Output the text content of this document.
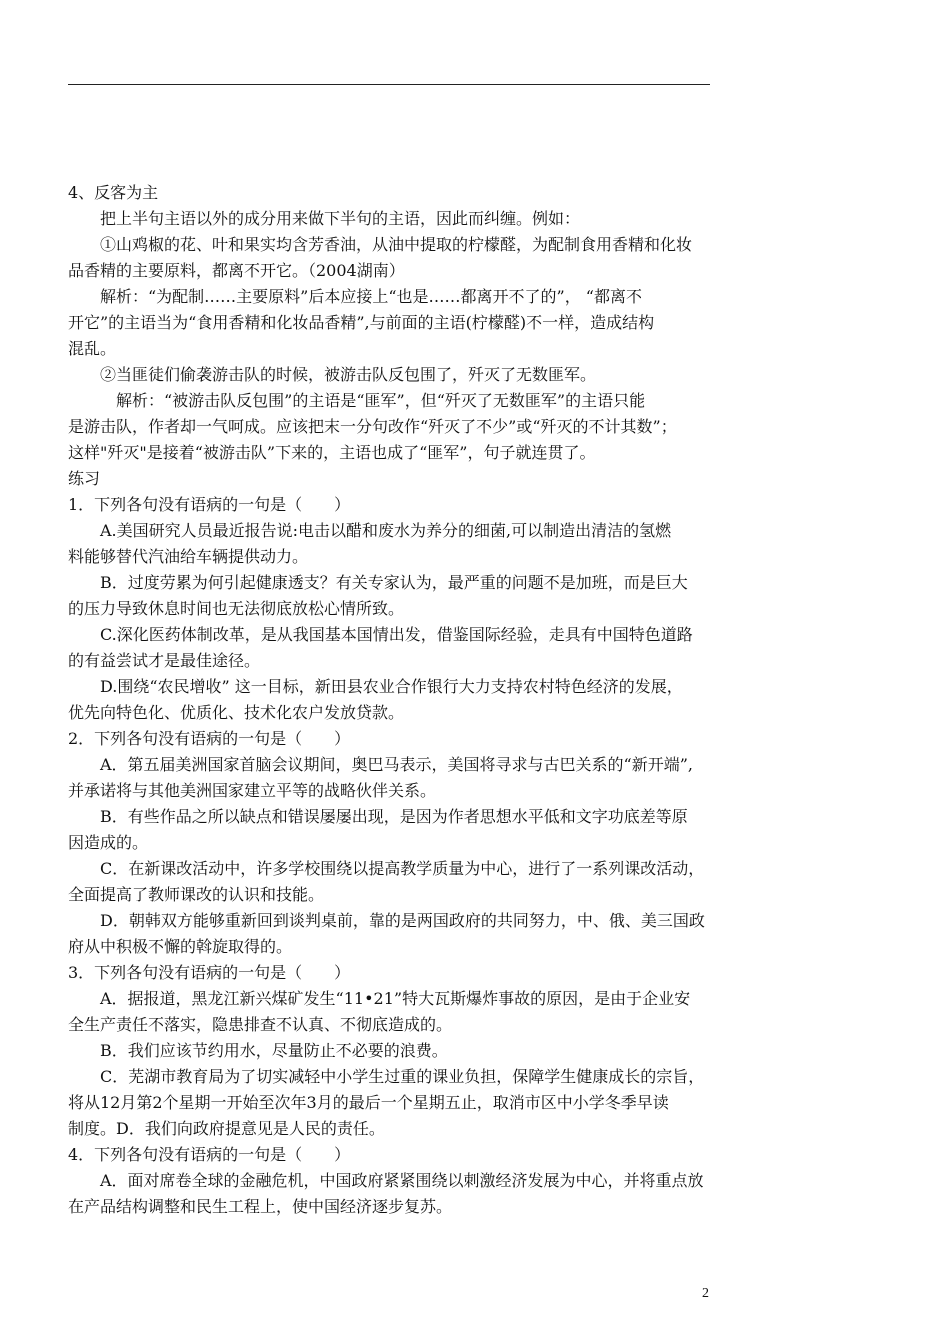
4、反客为主
把上半句主语以外的成分用来做下半句的主语，因此而纠缠。例如：
①山鸡椒的花、叶和果实均含芳香油，从油中提取的柠檬醛，为配制食用香精和化妆
品香精的主要原料，都离不开它。（2004湖南）
解析：“为配制……主要原料”后本应接上“也是……都离开不了的”， “都离不
开它”的主语当为“食用香精和化妆品香精”,与前面的主语(柠檬醛)不一样，造成结构
混乱。
②当匪徒们偷袭游击队的时候，被游击队反包围了，歼灭了无数匪军。
解析：“被游击队反包围”的主语是“匪军”，但“歼灭了无数匪军”的主语只能
是游击队，作者却一气呵成。应该把末一分句改作“歼灭了不少”或“歼灭的不计其数”；
这样"歼灭"是接着“被游击队”下来的，主语也成了“匪军”，句子就连贯了。
练习
1．下列各句没有语病的一句是（　　）
A.美国研究人员最近报告说:电击以醋和废水为养分的细菌,可以制造出清洁的氢燃
料能够替代汽油给车辆提供动力。
B．过度劳累为何引起健康透支？有关专家认为，最严重的问题不是加班，而是巨大
的压力导致休息时间也无法彻底放松心情所致。
C.深化医药体制改革，是从我国基本国情出发，借鉴国际经验，走具有中国特色道路
的有益尝试才是最佳途径。
D.围绕“农民增收” 这一目标，新田县农业合作银行大力支持农村特色经济的发展，
优先向特色化、优质化、技术化农户发放贷款。
2．下列各句没有语病的一句是（　　）
A．第五届美洲国家首脑会议期间，奥巴马表示，美国将寻求与古巴关系的“新开端”,
并承诺将与其他美洲国家建立平等的战略伙伴关系。
B．有些作品之所以缺点和错误屡屡出现，是因为作者思想水平低和文字功底差等原
因造成的。
C．在新课改活动中，许多学校围绕以提高教学质量为中心，进行了一系列课改活动，
全面提高了教师课改的认识和技能。
D．朝韩双方能够重新回到谈判桌前，靠的是两国政府的共同努力，中、俄、美三国政
府从中积极不懈的斡旋取得的。
3．下列各句没有语病的一句是（　　）
A．据报道，黑龙江新兴煤矿发生“11•21”特大瓦斯爆炸事故的原因，是由于企业安
全生产责任不落实，隐患排查不认真、不彻底造成的。
B．我们应该节约用水，尽量防止不必要的浪费。
C．芜湖市教育局为了切实减轻中小学生过重的课业负担，保障学生健康成长的宗旨，
将从12月第2个星期一开始至次年3月的最后一个星期五止，取消市区中小学冬季早读
制度。D．我们向政府提意见是人民的责任。
4．下列各句没有语病的一句是（　　）
A．面对席卷全球的金融危机，中国政府紧紧围绕以刺激经济发展为中心，并将重点放
在产品结构调整和民生工程上，使中国经济逐步复苏。
2
